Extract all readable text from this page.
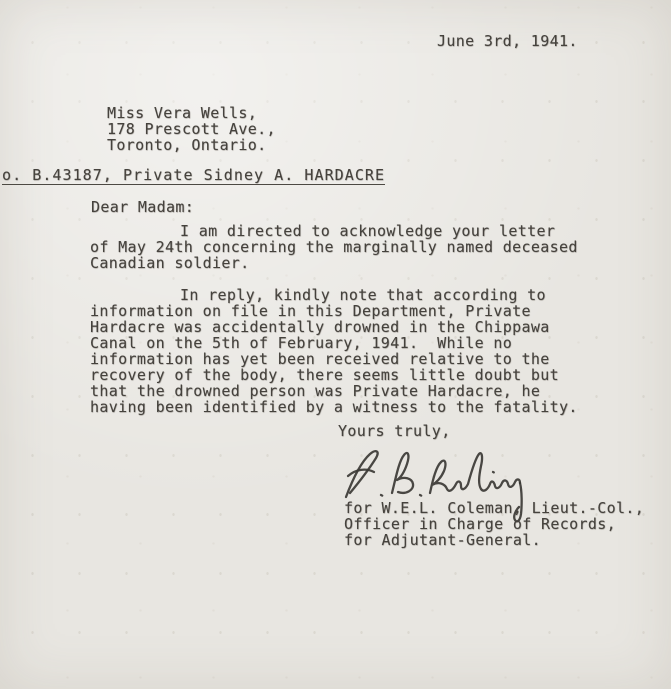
June 3rd, 1941.
Miss Vera Wells,
178 Prescott Ave.,
Toronto, Ontario.
o. B.43187, Private Sidney A. HARDACRE
Dear Madam:
I am directed to acknowledge your letter
of May 24th concerning the marginally named deceased
Canadian soldier.
In reply, kindly note that according to
information on file in this Department, Private
Hardacre was accidentally drowned in the Chippawa
Canal on the 5th of February, 1941.  While no
information has yet been received relative to the
recovery of the body, there seems little doubt but
that the drowned person was Private Hardacre, he
having been identified by a witness to the fatality.
Yours truly,
for W.E.L. Coleman, Lieut.-Col.,
Officer in Charge of Records,
for Adjutant-General.
